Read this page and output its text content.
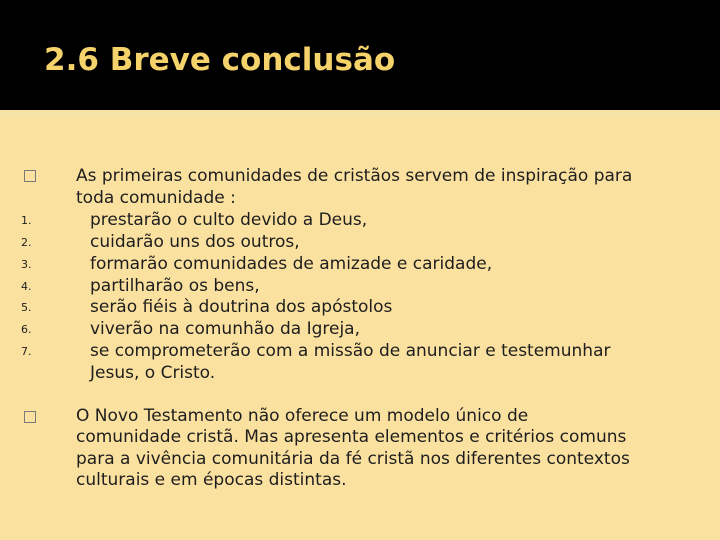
2.6 Breve conclusão
As primeiras comunidades de cristãos servem de inspiração para
toda comunidade :
1.	prestarão o culto devido a Deus,
2.	cuidarão uns dos outros,
3.	formarão comunidades de amizade e caridade,
4.	partilharão os bens,
5.	serão fiéis à doutrina dos apóstolos
6.	viverão na comunhão da Igreja,
7.	se comprometerão com a missão de anunciar e testemunhar
Jesus, o Cristo.
O Novo Testamento não oferece um modelo único de
comunidade cristã. Mas apresenta elementos e critérios comuns
para a vivência comunitária da fé cristã nos diferentes contextos
culturais e em épocas distintas.
